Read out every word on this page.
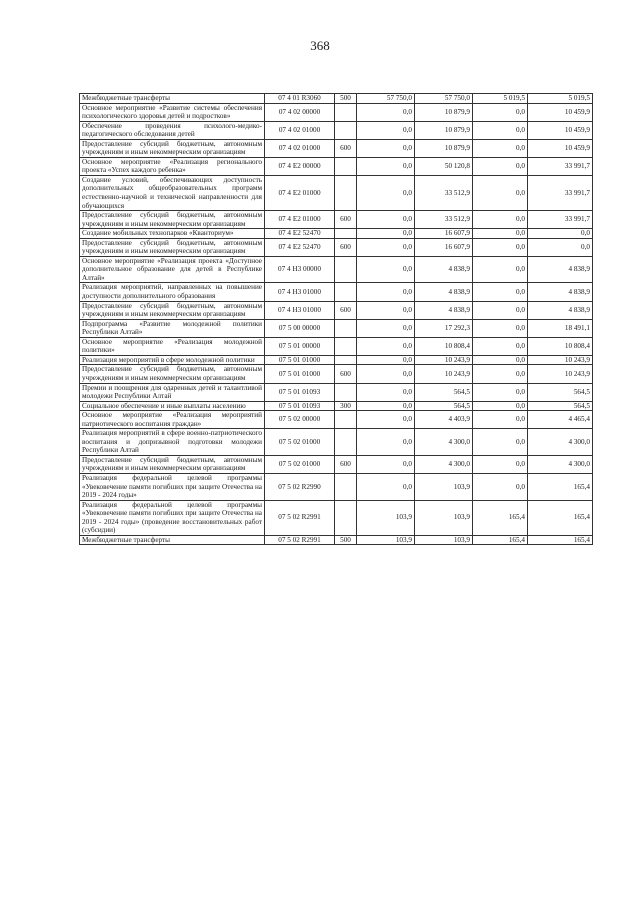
368
Межбюджетные трансферты	07 4 01 R3060	500	57 750,0	57 750,0	5 019,5	5 019,5
Основное мероприятие «Развитие системы обеспечения психологического здоровья детей и подростков»	07 4 02 00000		0,0	10 879,9	0,0	10 459,9
Обеспечение проведения психолого-медико-педагогического обследования детей	07 4 02 01000		0,0	10 879,9	0,0	10 459,9
Предоставление субсидий бюджетным, автономным учреждениям и иным некоммерческим организациям	07 4 02 01000	600	0,0	10 879,9	0,0	10 459,9
Основное мероприятие «Реализация регионального проекта «Успех каждого ребенка»	07 4 E2 00000		0,0	50 120,8	0,0	33 991,7
Создание условий, обеспечивающих доступность дополнительных общеобразовательных программ естественно-научной и технической направленности для обучающихся	07 4 E2 01000		0,0	33 512,9	0,0	33 991,7
Предоставление субсидий бюджетным, автономным учреждениям и иным некоммерческим организациям	07 4 E2 01000	600	0,0	33 512,9	0,0	33 991,7
Создание мобильных технопарков «Кванториум»	07 4 E2 52470		0,0	16 607,9	0,0	0,0
Предоставление субсидий бюджетным, автономным учреждениям и иным некоммерческим организациям	07 4 E2 52470	600	0,0	16 607,9	0,0	0,0
Основное мероприятие «Реализация проекта «Доступное дополнительное образование для детей в Республике Алтай»	07 4 Н3 00000		0,0	4 838,9	0,0	4 838,9
Реализация мероприятий, направленных на повышение доступности дополнительного образования	07 4 Н3 01000		0,0	4 838,9	0,0	4 838,9
Предоставление субсидий бюджетным, автономным учреждениям и иным некоммерческим организациям	07 4 Н3 01000	600	0,0	4 838,9	0,0	4 838,9
Подпрограмма «Развитие молодежной политики Республики Алтай»	07 5 00 00000		0,0	17 292,3	0,0	18 491,1
Основное мероприятие «Реализация молодежной политики»	07 5 01 00000		0,0	10 808,4	0,0	10 808,4
Реализация мероприятий в сфере молодежной политики	07 5 01 01000		0,0	10 243,9	0,0	10 243,9
Предоставление субсидий бюджетным, автономным учреждениям и иным некоммерческим организациям	07 5 01 01000	600	0,0	10 243,9	0,0	10 243,9
Премии и поощрения для одаренных детей и талантливой молодежи Республики Алтай	07 5 01 01093		0,0	564,5	0,0	564,5
Социальное обеспечение и иные выплаты населению	07 5 01 01093	300	0,0	564,5	0,0	564,5
Основное мероприятие «Реализация мероприятий патриотического воспитания граждан»	07 5 02 00000		0,0	4 403,9	0,0	4 465,4
Реализация мероприятий в сфере военно-патриотического воспитания и допризывной подготовки молодежи Республики Алтай	07 5 02 01000		0,0	4 300,0	0,0	4 300,0
Предоставление субсидий бюджетным, автономным учреждениям и иным некоммерческим организациям	07 5 02 01000	600	0,0	4 300,0	0,0	4 300,0
Реализация федеральной целевой программы «Увековечение памяти погибших при защите Отечества на 2019 - 2024 годы»	07 5 02 R2990		0,0	103,9	0,0	165,4
Реализация федеральной целевой программы «Увековечение памяти погибших при защите Отечества на 2019 - 2024 годы» (проведение восстановительных работ (субсидии)	07 5 02 R2991		103,9	103,9	165,4	165,4
Межбюджетные трансферты	07 5 02 R2991	500	103,9	103,9	165,4	165,4
